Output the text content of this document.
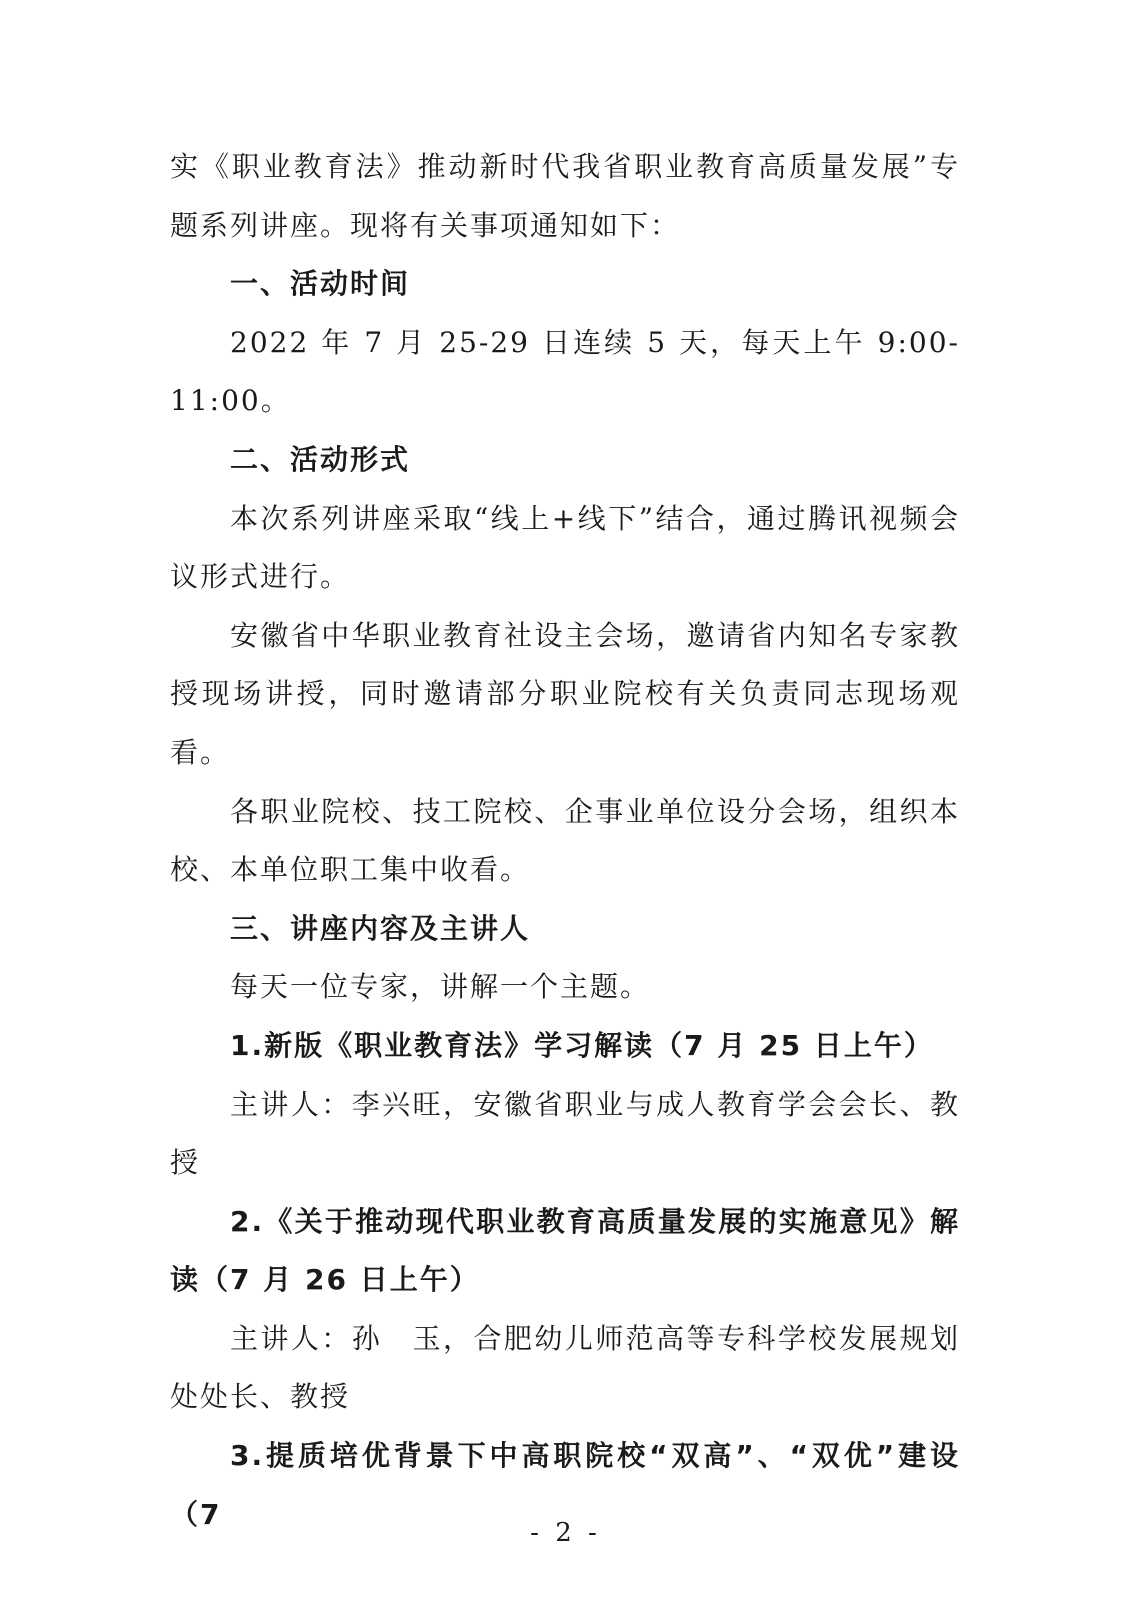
实《职业教育法》推动新时代我省职业教育高质量发展”专题系列讲座。现将有关事项通知如下：

一、活动时间

2022 年 7 月 25-29 日连续 5 天，每天上午 9:00-11:00。

二、活动形式

本次系列讲座采取“线上+线下”结合，通过腾讯视频会议形式进行。

安徽省中华职业教育社设主会场，邀请省内知名专家教授现场讲授，同时邀请部分职业院校有关负责同志现场观看。

各职业院校、技工院校、企事业单位设分会场，组织本校、本单位职工集中收看。

三、讲座内容及主讲人

每天一位专家，讲解一个主题。

1.新版《职业教育法》学习解读（7 月 25 日上午）

主讲人：李兴旺，安徽省职业与成人教育学会会长、教授

2.《关于推动现代职业教育高质量发展的实施意见》解读（7 月 26 日上午）

主讲人：孙　玉，合肥幼儿师范高等专科学校发展规划处处长、教授

3.提质培优背景下中高职院校“双高”、“双优”建设（7

- 2 -
